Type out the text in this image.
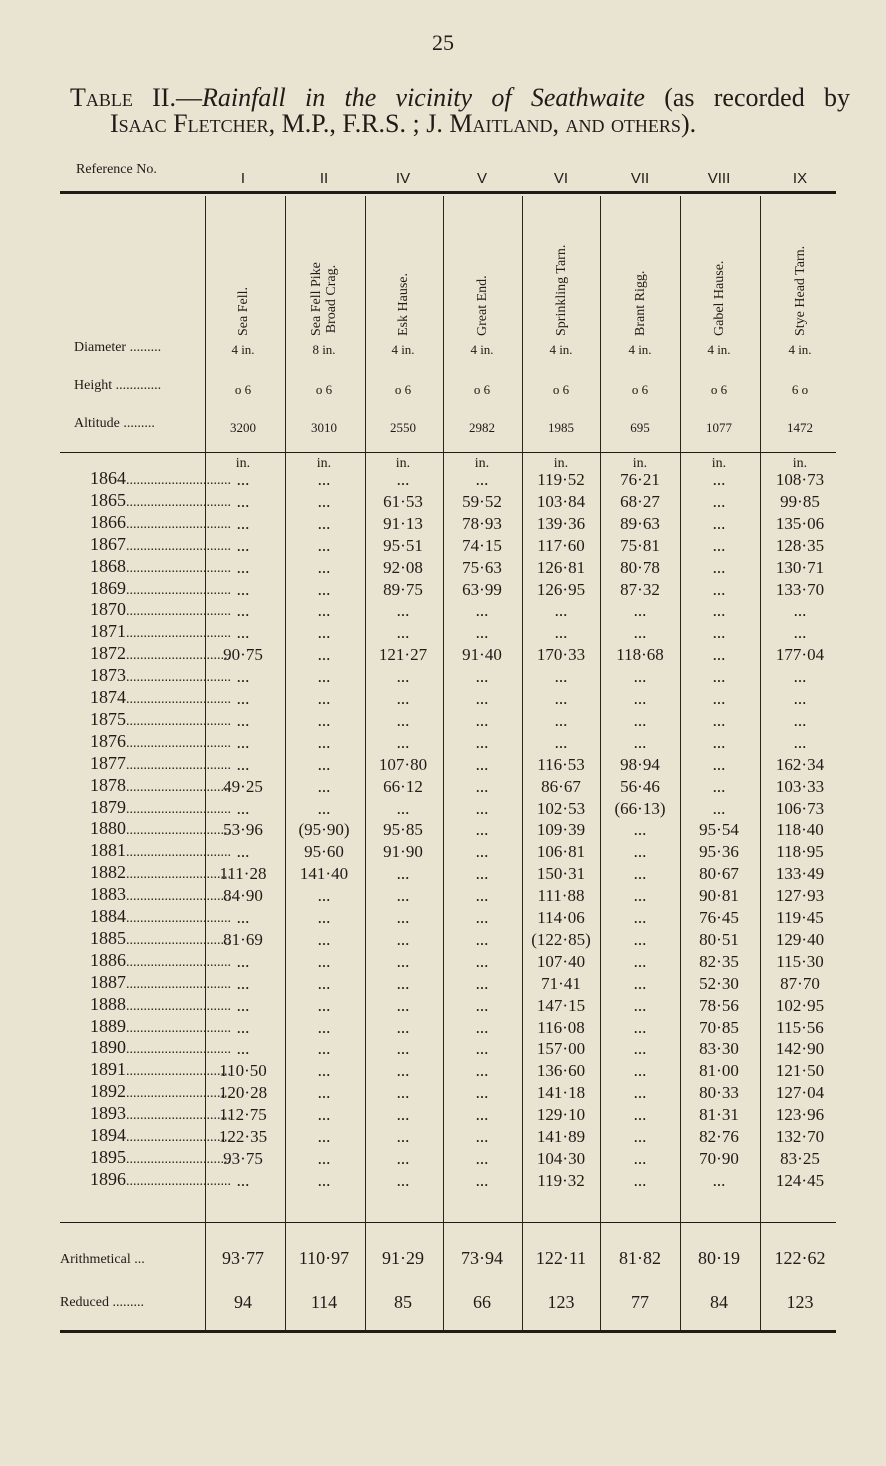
25
Table II.—Rainfall in the vicinity of Seathwaite (as recorded by
Isaac Fletcher, M.P., F.R.S. ; J. Maitland, and others).
Reference No.
I
Sea Fell.
4 in.
o 6
3200
in.
...
...
...
...
...
...
...
...
90·75
...
...
...
...
...
49·25
...
53·96
...
111·28
84·90
...
81·69
...
...
...
...
...
110·50
120·28
112·75
122·35
93·75
...
93·77
94
II
Sea Fell Pike
Broad Crag.
8 in.
o 6
3010
in.
...
...
...
...
...
...
...
...
...
...
...
...
...
...
...
...
(95·90)
95·60
141·40
...
...
...
...
...
...
...
...
...
...
...
...
...
...
110·97
114
IV
Esk Hause.
4 in.
o 6
2550
in.
...
61·53
91·13
95·51
92·08
89·75
...
...
121·27
...
...
...
...
107·80
66·12
...
95·85
91·90
...
...
...
...
...
...
...
...
...
...
...
...
...
...
...
91·29
85
V
Great End.
4 in.
o 6
2982
in.
...
59·52
78·93
74·15
75·63
63·99
...
...
91·40
...
...
...
...
...
...
...
...
...
...
...
...
...
...
...
...
...
...
...
...
...
...
...
...
73·94
66
VI
Sprinkling Tarn.
4 in.
o 6
1985
in.
119·52
103·84
139·36
117·60
126·81
126·95
...
...
170·33
...
...
...
...
116·53
86·67
102·53
109·39
106·81
150·31
111·88
114·06
(122·85)
107·40
71·41
147·15
116·08
157·00
136·60
141·18
129·10
141·89
104·30
119·32
122·11
123
VII
Brant Rigg.
4 in.
o 6
695
in.
76·21
68·27
89·63
75·81
80·78
87·32
...
...
118·68
...
...
...
...
98·94
56·46
(66·13)
...
...
...
...
...
...
...
...
...
...
...
...
...
...
...
...
...
81·82
77
VIII
Gabel Hause.
4 in.
o 6
1077
in.
...
...
...
...
...
...
...
...
...
...
...
...
...
...
...
...
95·54
95·36
80·67
90·81
76·45
80·51
82·35
52·30
78·56
70·85
83·30
81·00
80·33
81·31
82·76
70·90
...
80·19
84
IX
Stye Head Tarn.
4 in.
6 o
1472
in.
108·73
99·85
135·06
128·35
130·71
133·70
...
...
177·04
...
...
...
...
162·34
103·33
106·73
118·40
118·95
133·49
127·93
119·45
129·40
115·30
87·70
102·95
115·56
142·90
121·50
127·04
123·96
132·70
83·25
124·45
122·62
123
Diameter .........
Height .............
Altitude .........
1864..............................
1865..............................
1866..............................
1867..............................
1868..............................
1869..............................
1870..............................
1871..............................
1872..............................
1873..............................
1874..............................
1875..............................
1876..............................
1877..............................
1878..............................
1879..............................
1880..............................
1881..............................
1882..............................
1883..............................
1884..............................
1885..............................
1886..............................
1887..............................
1888..............................
1889..............................
1890..............................
1891..............................
1892..............................
1893..............................
1894..............................
1895..............................
1896..............................
Arithmetical ...
Reduced .........
